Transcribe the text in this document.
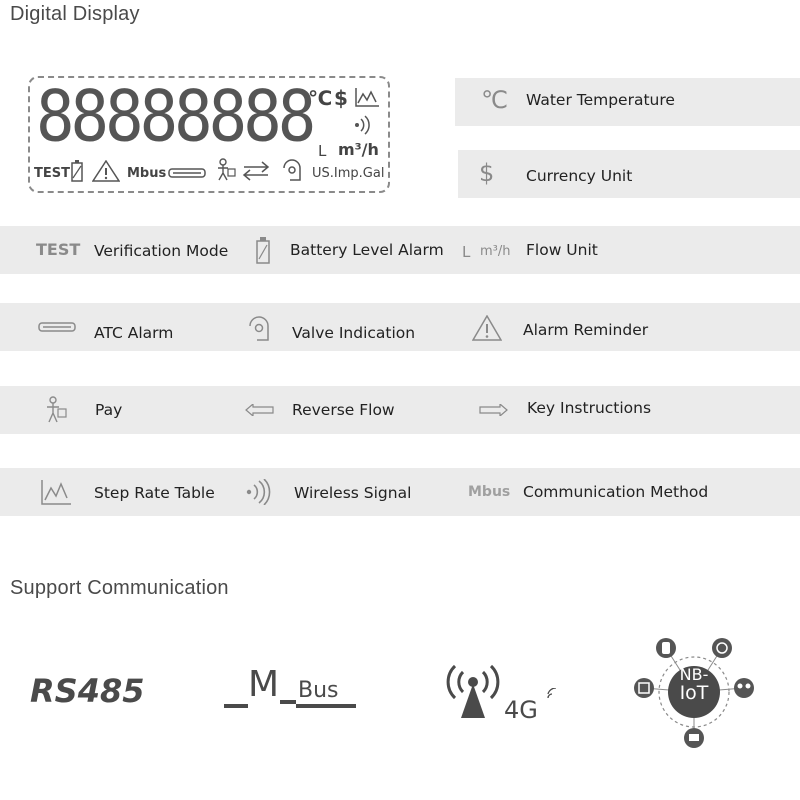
Digital Display
Support Communication
88888888
℃ $
L m³/h
TEST	Mbus	US.Imp.Gal
℃ Water Temperature
$ Currency Unit
TEST Verification Mode	Battery Level Alarm L m³/h Flow Unit
ATC Alarm	Valve Indication	Alarm Reminder
Pay	Reverse Flow	Key Instructions
Step Rate Table	Wireless Signal	Mbus Communication Method
RS485	M Bus
4G
NB-
IoT
